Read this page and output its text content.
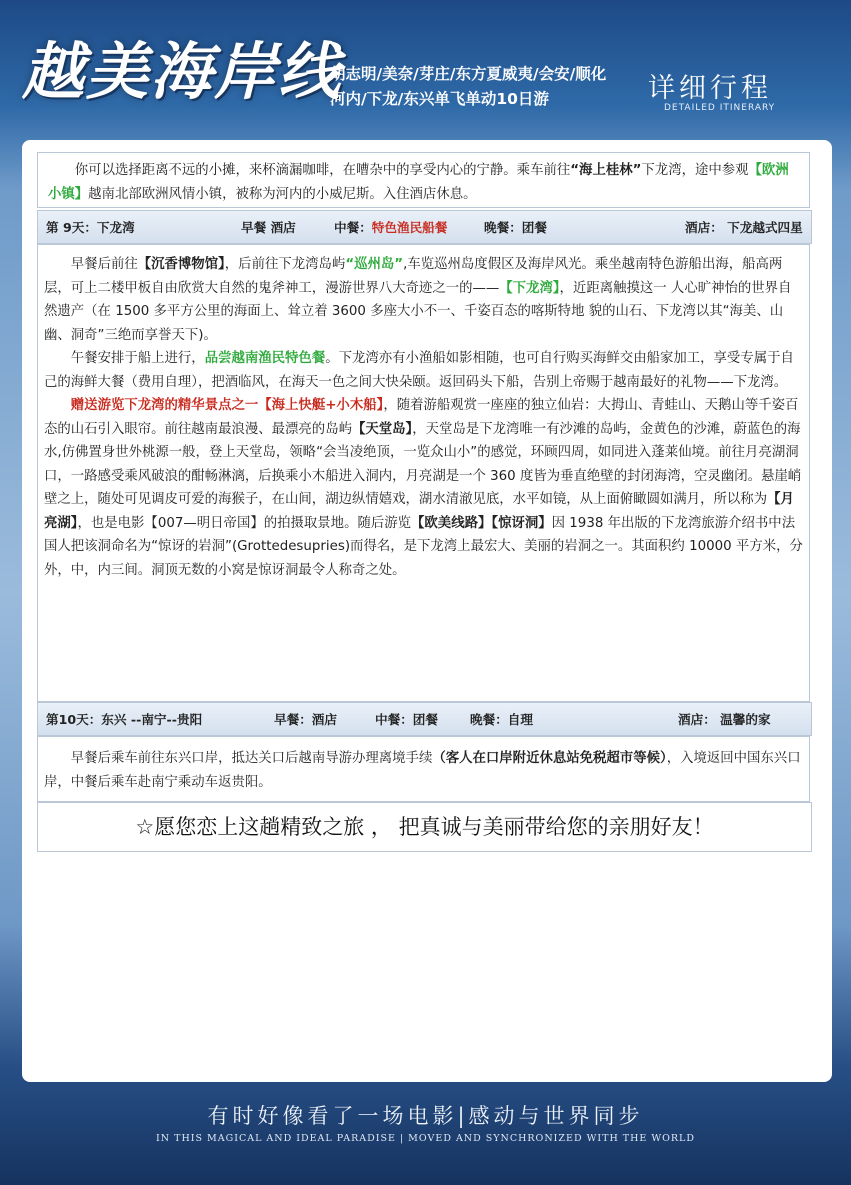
越美海岸线
胡志明/美奈/芽庄/东方夏威夷/会安/顺化
河内/下龙/东兴单飞单动10日游	详细行程
DETAILED ITINERARY
你可以选择距离不远的小摊，来杯滴漏咖啡，在嘈杂中的享受内心的宁静。乘车前往“海上桂林”下龙湾，途中参观【欧洲小镇】越南北部欧洲风情小镇，被称为河内的小威尼斯。入住酒店休息。
第 9天：下龙湾	早餐 酒店	中餐：特色渔民船餐	晚餐：团餐	酒店： 下龙越式四星
早餐后前往【沉香博物馆】，后前往下龙湾岛屿“巡州岛”,车览巡州岛度假区及海岸风光。乘坐越南特色游船出海，船高两层，可上二楼甲板自由欣赏大自然的鬼斧神工，漫游世界八大奇迹之一的——【下龙湾】，近距离触摸这一 人心旷神怡的世界自然遗产（在 1500 多平方公里的海面上、耸立着 3600 多座大小不一、千姿百态的喀斯特地 貌的山石、下龙湾以其“海美、山幽、洞奇”三绝而享誉天下)。
午餐安排于船上进行，品尝越南渔民特色餐。下龙湾亦有小渔船如影相随，也可自行购买海鲜交由船家加工，享受专属于自己的海鲜大餐（费用自理），把酒临风，在海天一色之间大快朵颐。返回码头下船，告别上帝赐于越南最好的礼物——下龙湾。
赠送游览下龙湾的精华景点之一【海上快艇+小木船】，随着游船观赏一座座的独立仙岩：大拇山、青蛙山、天鹅山等千姿百态的山石引入眼帘。前往越南最浪漫、最漂亮的岛屿【天堂岛】，天堂岛是下龙湾唯一有沙滩的岛屿，金黄色的沙滩，蔚蓝色的海水,仿佛置身世外桃源一般，登上天堂岛，领略“会当凌绝顶，一览众山小”的感觉，环顾四周，如同进入蓬莱仙境。前往月亮湖洞口，一路感受乘风破浪的酣畅淋漓，后换乘小木船进入洞内，月亮湖是一个 360 度皆为垂直绝壁的封闭海湾，空灵幽闭。悬崖峭壁之上，随处可见调皮可爱的海猴子，在山间，湖边纵情嬉戏，湖水清澈见底，水平如镜，从上面俯瞰圆如满月，所以称为【月亮湖】，也是电影【007—明日帝国】的拍摄取景地。随后游览【欧美线路】【惊讶洞】因 1938 年出版的下龙湾旅游介绍书中法国人把该洞命名为“惊讶的岩洞”(Grottedesupries)而得名，是下龙湾上最宏大、美丽的岩洞之一。其面积约 10000 平方米，分外，中，内三间。洞顶无数的小窝是惊讶洞最令人称奇之处。
第10天：东兴 --南宁--贵阳	早餐：酒店	中餐：团餐	晚餐：自理	酒店： 温馨的家
早餐后乘车前往东兴口岸，抵达关口后越南导游办理离境手续（客人在口岸附近休息站免税超市等候），入境返回中国东兴口岸，中餐后乘车赴南宁乘动车返贵阳。
☆愿您恋上这趟精致之旅 ， 把真诚与美丽带给您的亲朋好友！
有时好像看了一场电影|感动与世界同步
IN THIS MAGICAL AND IDEAL PARADISE | MOVED AND SYNCHRONIZED WITH THE WORLD
